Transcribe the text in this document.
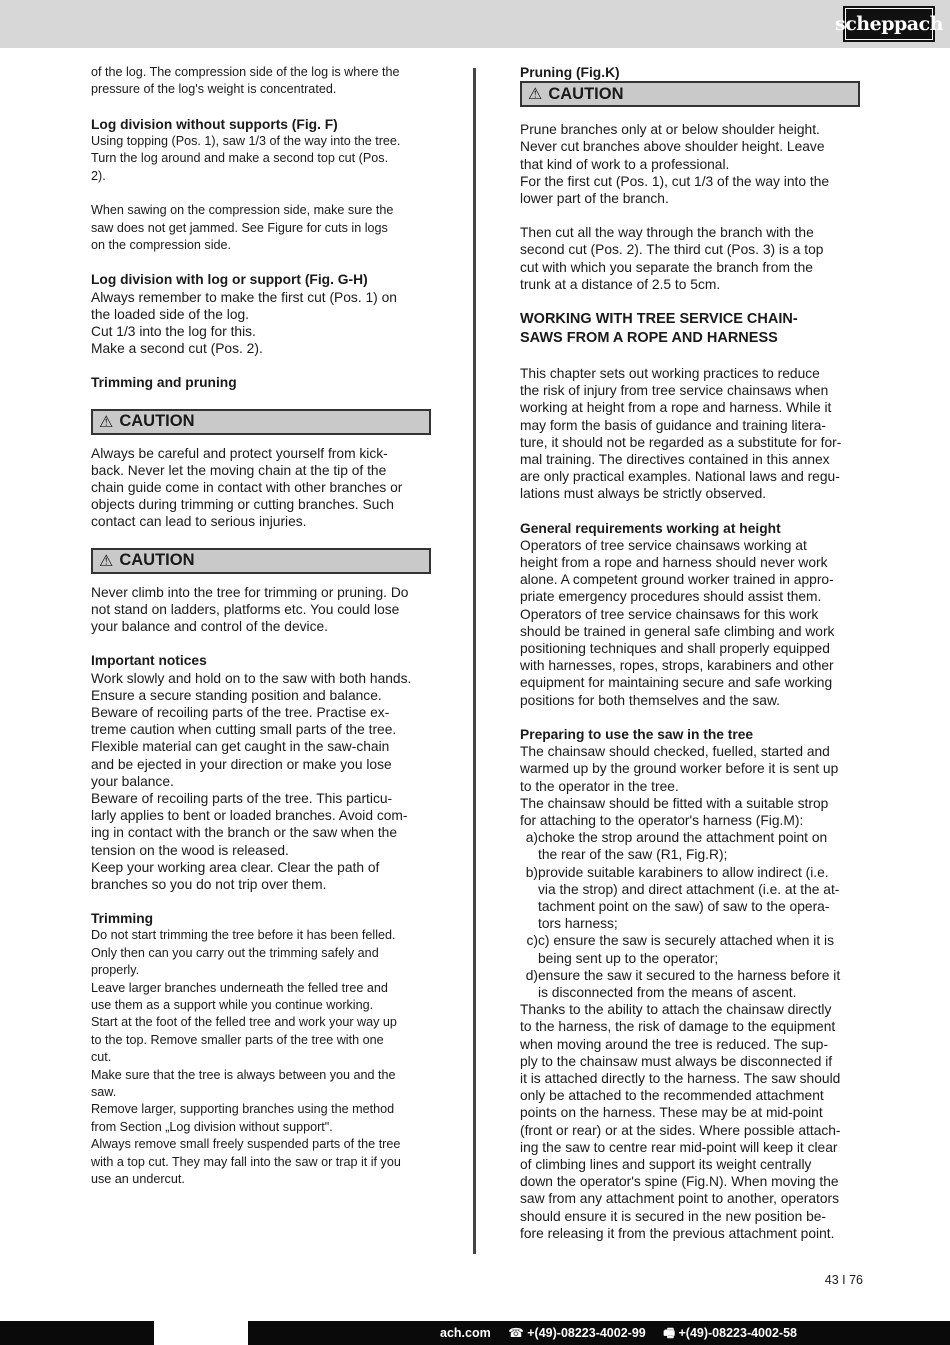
scheppach
of the log. The compression side of the log is where the
pressure of the log's weight is concentrated.

Log division without supports (Fig. F)

Using topping (Pos. 1), saw 1/3 of the way into the tree.
Turn the log around and make a second top cut (Pos.
2).
When sawing on the compression side, make sure the
saw does not get jammed. See Figure for cuts in logs
on the compression side.

Log division with log or support (Fig. G-H)

Always remember to make the first cut (Pos. 1) on
the loaded side of the log.
Cut 1/3 into the log for this.
Make a second cut (Pos. 2).

Trimming and pruning

⚠ CAUTION
Always be careful and protect yourself from kick-
back. Never let the moving chain at the tip of the
chain guide come in contact with other branches or
objects during trimming or cutting branches. Such
contact can lead to serious injuries.
⚠ CAUTION
Never climb into the tree for trimming or pruning. Do
not stand on ladders, platforms etc. You could lose
your balance and control of the device.

Important notices

Work slowly and hold on to the saw with both hands.
Ensure a secure standing position and balance.
Beware of recoiling parts of the tree. Practise ex-
treme caution when cutting small parts of the tree.
Flexible material can get caught in the saw-chain
and be ejected in your direction or make you lose
your balance.
Beware of recoiling parts of the tree. This particu-
larly applies to bent or loaded branches. Avoid com-
ing in contact with the branch or the saw when the
tension on the wood is released.
Keep your working area clear. Clear the path of
branches so you do not trip over them.

Trimming

Do not start trimming the tree before it has been felled.
Only then can you carry out the trimming safely and
properly.
Leave larger branches underneath the felled tree and
use them as a support while you continue working.
Start at the foot of the felled tree and work your way up
to the top. Remove smaller parts of the tree with one
cut.
Make sure that the tree is always between you and the
saw.
Remove larger, supporting branches using the method
from Section „Log division without support".
Always remove small freely suspended parts of the tree
with a top cut. They may fall into the saw or trap it if you
use an undercut.

Pruning (Fig.K)

⚠ CAUTION
Prune branches only at or below shoulder height.
Never cut branches above shoulder height. Leave
that kind of work to a professional.
For the first cut (Pos. 1), cut 1/3 of the way into the
lower part of the branch.
Then cut all the way through the branch with the
second cut (Pos. 2). The third cut (Pos. 3) is a top
cut with which you separate the branch from the
trunk at a distance of 2.5 to 5cm.
WORKING WITH TREE SERVICE CHAIN-
SAWS FROM A ROPE AND HARNESS
This chapter sets out working practices to reduce
the risk of injury from tree service chainsaws when
working at height from a rope and harness. While it
may form the basis of guidance and training litera-
ture, it should not be regarded as a substitute for for-
mal training. The directives contained in this annex
are only practical examples. National laws and regu-
lations must always be strictly observed.

General requirements working at height

Operators of tree service chainsaws working at
height from a rope and harness should never work
alone. A competent ground worker trained in appro-
priate emergency procedures should assist them.
Operators of tree service chainsaws for this work
should be trained in general safe climbing and work
positioning techniques and shall properly equipped
with harnesses, ropes, strops, karabiners and other
equipment for maintaining secure and safe working
positions for both themselves and the saw.

Preparing to use the saw in the tree

The chainsaw should checked, fuelled, started and
warmed up by the ground worker before it is sent up
to the operator in the tree.
The chainsaw should be fitted with a suitable strop
for attaching to the operator's harness (Fig.M):
a) choke the strop around the attachment point on
the rear of the saw (R1, Fig.R);
b) provide suitable karabiners to allow indirect (i.e.
via the strop) and direct attachment (i.e. at the at-
tachment point on the saw) of saw to the opera-
tors harness;
c) c) ensure the saw is securely attached when it is
being sent up to the operator;
d) ensure the saw it secured to the harness before it
is disconnected from the means of ascent.
Thanks to the ability to attach the chainsaw directly
to the harness, the risk of damage to the equipment
when moving around the tree is reduced. The sup-
ply to the chainsaw must always be disconnected if
it is attached directly to the harness. The saw should
only be attached to the recommended attachment
points on the harness. These may be at mid-point
(front or rear) or at the sides. Where possible attach-
ing the saw to centre rear mid-point will keep it clear
of climbing lines and support its weight centrally
down the operator's spine (Fig.N). When moving the
saw from any attachment point to another, operators
should ensure it is secured in the new position be-
fore releasing it from the previous attachment point.
43 I 76
ach.com ☎ +(49)-08223-4002-99 🖷 +(49)-08223-4002-58
